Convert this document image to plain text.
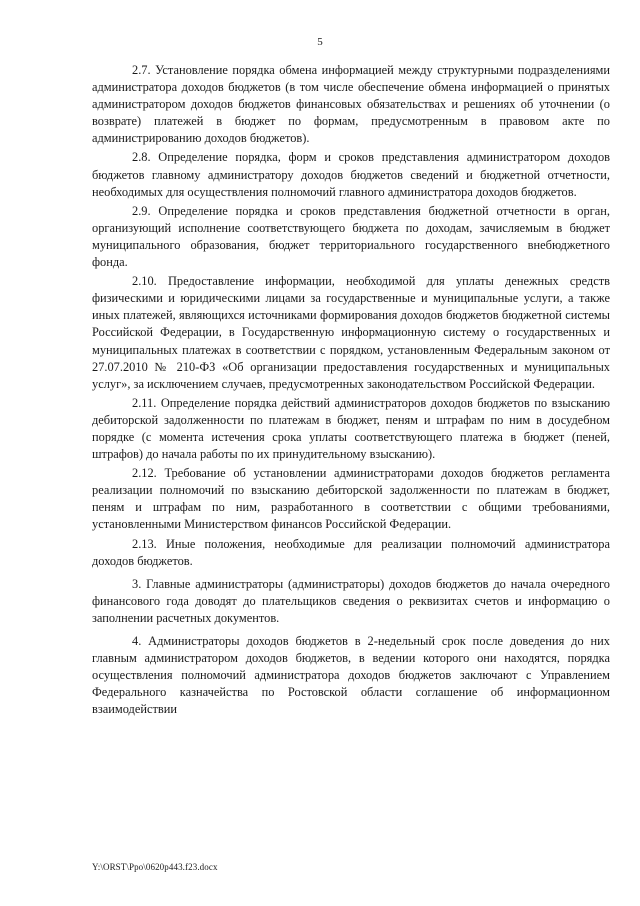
5

2.7. Установление порядка обмена информацией между структурными подразделениями администратора доходов бюджетов (в том числе обеспечение обмена информацией о принятых администратором доходов бюджетов финансовых обязательствах и решениях об уточнении (о возврате) платежей в бюджет по формам, предусмотренным в правовом акте по администрированию доходов бюджетов).

2.8. Определение порядка, форм и сроков представления администратором доходов бюджетов главному администратору доходов бюджетов сведений и бюджетной отчетности, необходимых для осуществления полномочий главного администратора доходов бюджетов.

2.9. Определение порядка и сроков представления бюджетной отчетности в орган, организующий исполнение соответствующего бюджета по доходам, зачисляемым в бюджет муниципального образования, бюджет территориального государственного внебюджетного фонда.

2.10. Предоставление информации, необходимой для уплаты денежных средств физическими и юридическими лицами за государственные и муниципальные услуги, а также иных платежей, являющихся источниками формирования доходов бюджетов бюджетной системы Российской Федерации, в Государственную информационную систему о государственных и муниципальных платежах в соответствии с порядком, установленным Федеральным законом от 27.07.2010 № 210-ФЗ «Об организации предоставления государственных и муниципальных услуг», за исключением случаев, предусмотренных законодательством Российской Федерации.

2.11. Определение порядка действий администраторов доходов бюджетов по взысканию дебиторской задолженности по платежам в бюджет, пеням и штрафам по ним в досудебном порядке (с момента истечения срока уплаты соответствующего платежа в бюджет (пеней, штрафов) до начала работы по их принудительному взысканию).

2.12. Требование об установлении администраторами доходов бюджетов регламента реализации полномочий по взысканию дебиторской задолженности по платежам в бюджет, пеням и штрафам по ним, разработанного в соответствии с общими требованиями, установленными Министерством финансов Российской Федерации.

2.13. Иные положения, необходимые для реализации полномочий администратора доходов бюджетов.

3. Главные администраторы (администраторы) доходов бюджетов до начала очередного финансового года доводят до плательщиков сведения о реквизитах счетов и информацию о заполнении расчетных документов.

4. Администраторы доходов бюджетов в 2-недельный срок после доведения до них главным администратором доходов бюджетов, в ведении которого они находятся, порядка осуществления полномочий администратора доходов бюджетов заключают с Управлением Федерального казначейства по Ростовской области соглашение об информационном взаимодействии

Y:\ORST\Ppo\0620p443.f23.docx
